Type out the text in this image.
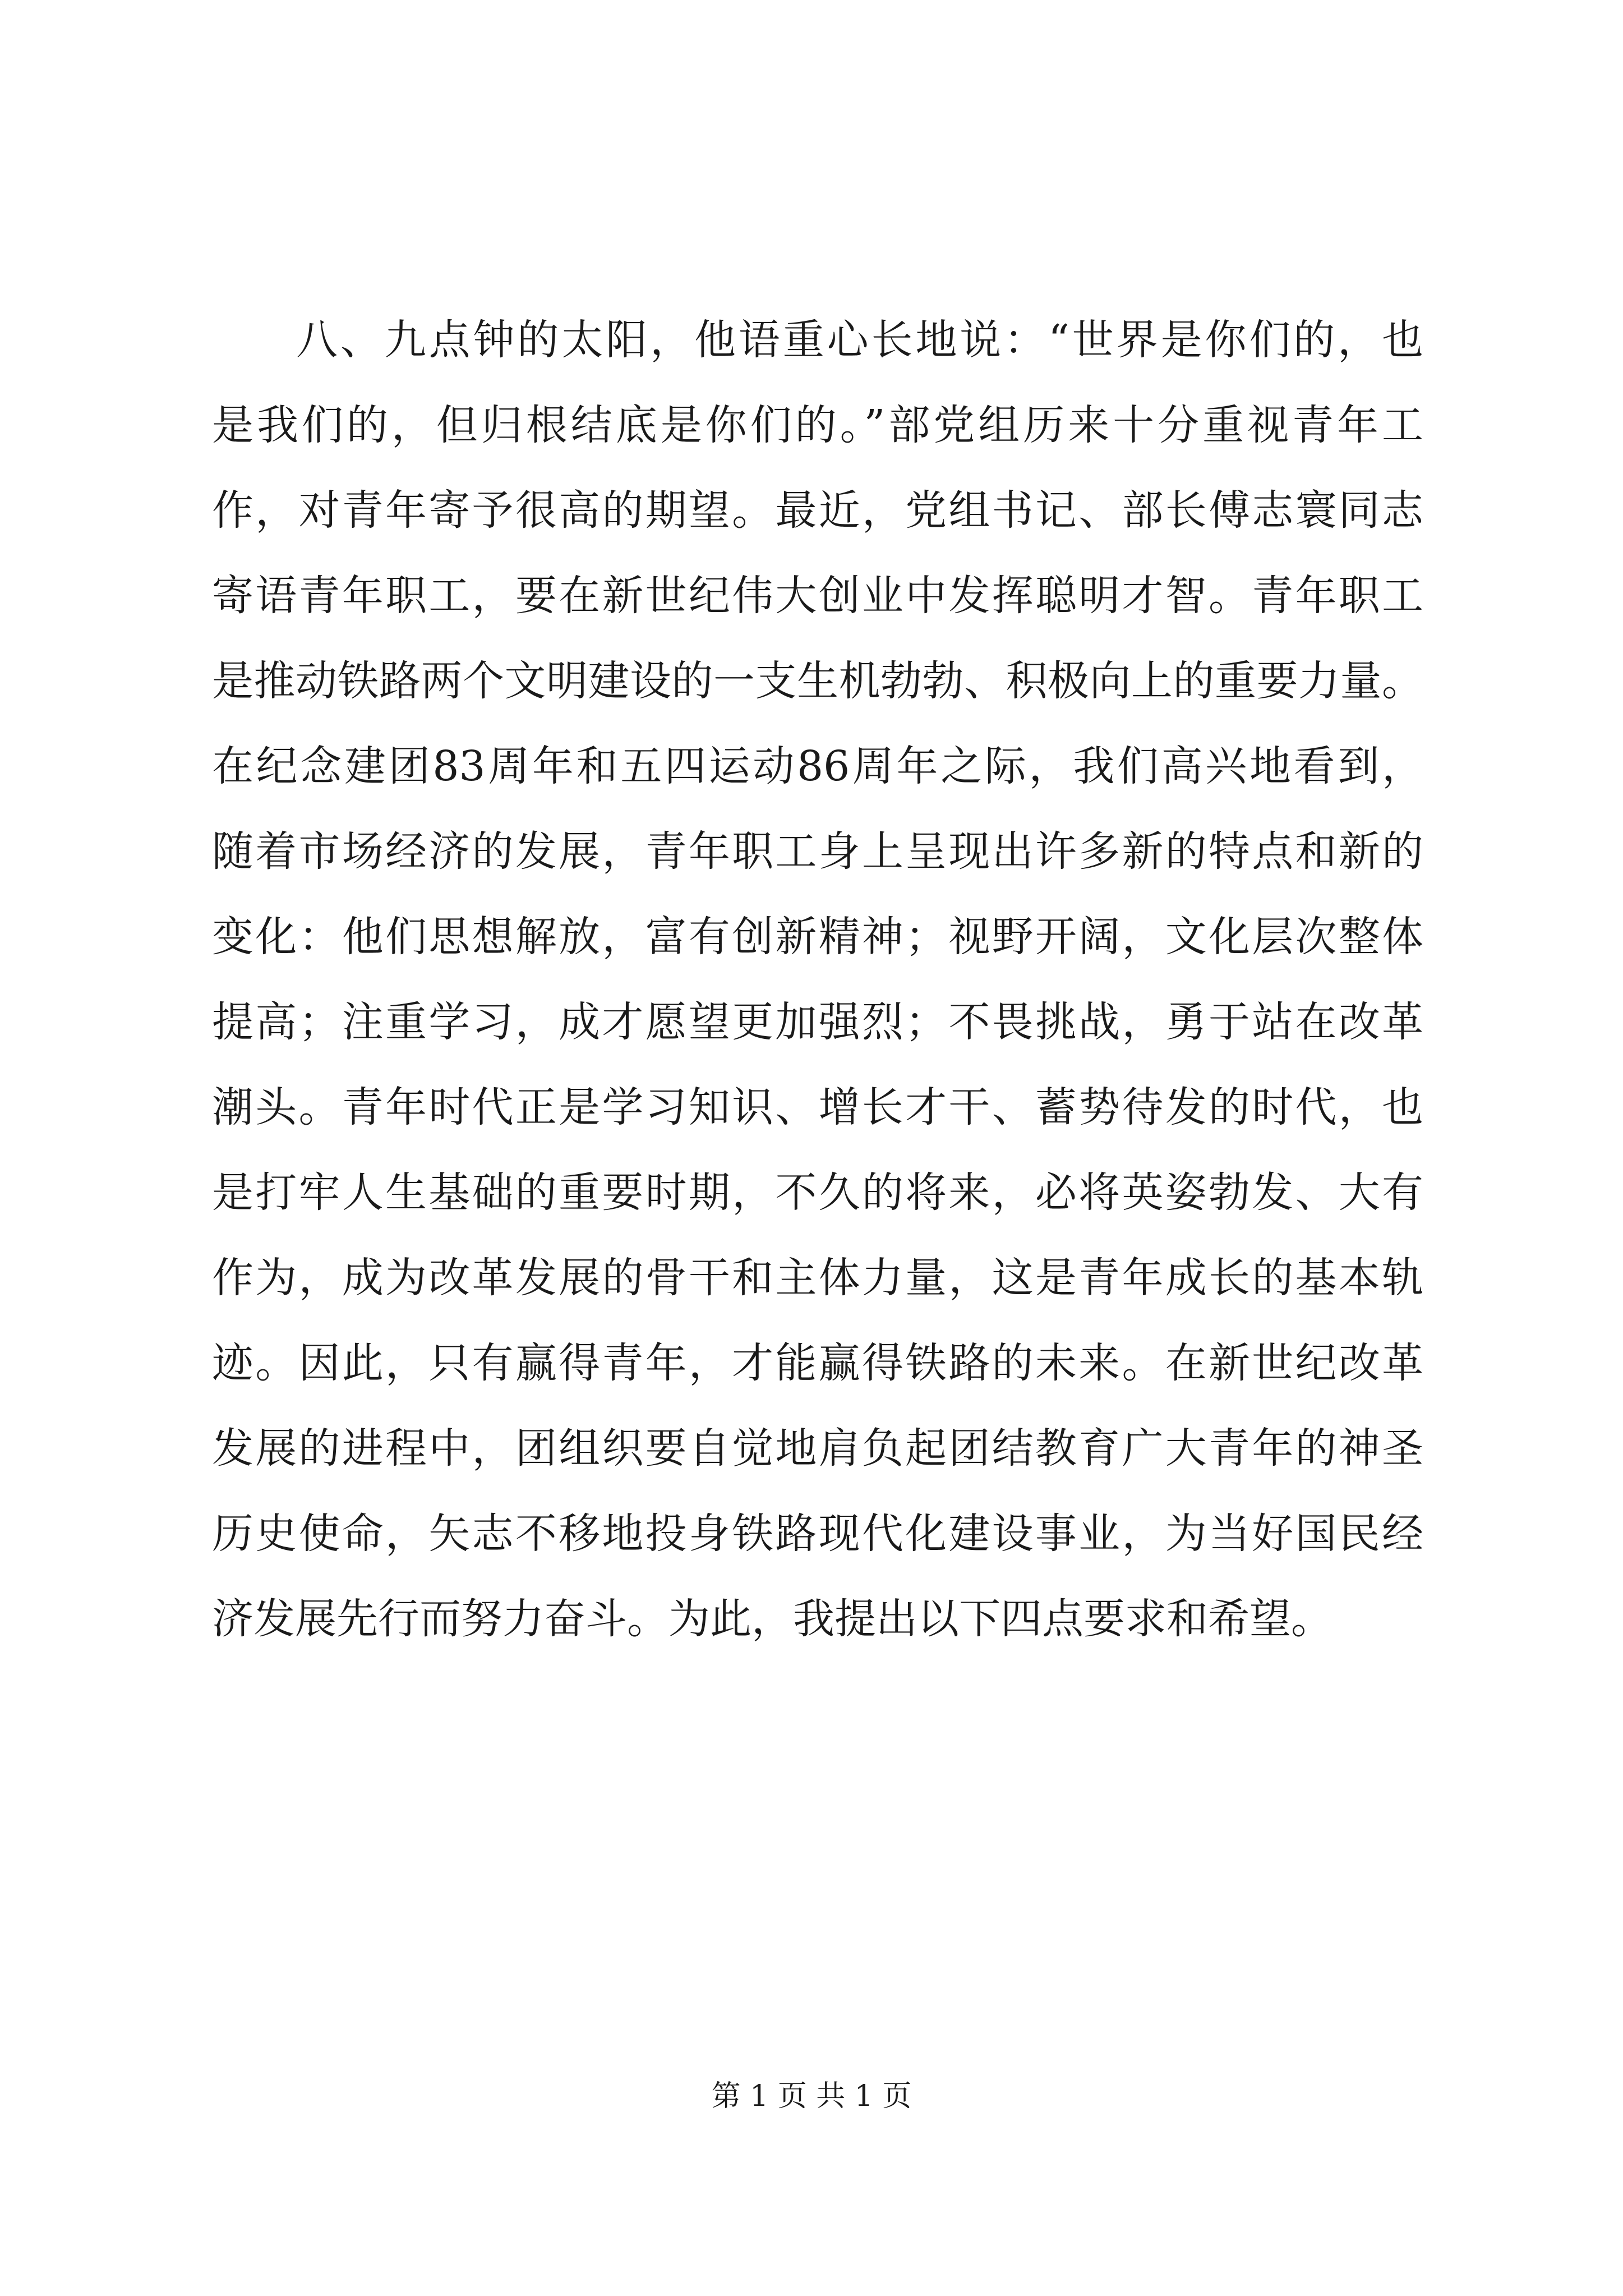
八、九点钟的太阳，他语重心长地说：“世界是你们的，也
是我们的，但归根结底是你们的。”部党组历来十分重视青年工
作，对青年寄予很高的期望。最近，党组书记、部长傅志寰同志
寄语青年职工，要在新世纪伟大创业中发挥聪明才智。青年职工
是推动铁路两个文明建设的一支生机勃勃、积极向上的重要力量。
在纪念建团83周年和五四运动86周年之际，我们高兴地看到，
随着市场经济的发展，青年职工身上呈现出许多新的特点和新的
变化：他们思想解放，富有创新精神；视野开阔，文化层次整体
提高；注重学习，成才愿望更加强烈；不畏挑战，勇于站在改革
潮头。青年时代正是学习知识、增长才干、蓄势待发的时代，也
是打牢人生基础的重要时期，不久的将来，必将英姿勃发、大有
作为，成为改革发展的骨干和主体力量，这是青年成长的基本轨
迹。因此，只有赢得青年，才能赢得铁路的未来。在新世纪改革
发展的进程中，团组织要自觉地肩负起团结教育广大青年的神圣
历史使命，矢志不移地投身铁路现代化建设事业，为当好国民经
济发展先行而努力奋斗。为此，我提出以下四点要求和希望。
第 1 页 共 1 页
